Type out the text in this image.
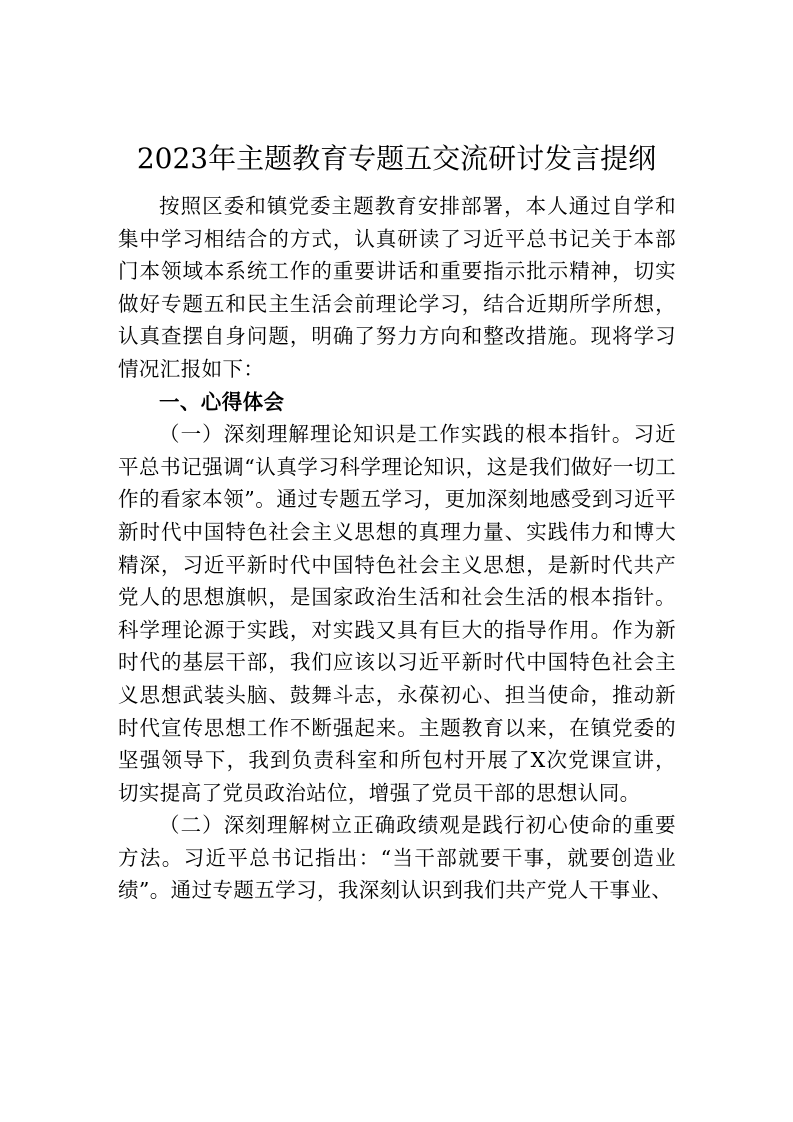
2023年主题教育专题五交流研讨发言提纲

按照区委和镇党委主题教育安排部署，本人通过自学和集中学习相结合的方式，认真研读了习近平总书记关于本部门本领域本系统工作的重要讲话和重要指示批示精神，切实做好专题五和民主生活会前理论学习，结合近期所学所想，认真查摆自身问题，明确了努力方向和整改措施。现将学习情况汇报如下：

一、心得体会

（一）深刻理解理论知识是工作实践的根本指针。习近平总书记强调“认真学习科学理论知识，这是我们做好一切工作的看家本领”。通过专题五学习，更加深刻地感受到习近平新时代中国特色社会主义思想的真理力量、实践伟力和博大精深，习近平新时代中国特色社会主义思想，是新时代共产党人的思想旗帜，是国家政治生活和社会生活的根本指针。科学理论源于实践，对实践又具有巨大的指导作用。作为新时代的基层干部，我们应该以习近平新时代中国特色社会主义思想武装头脑、鼓舞斗志，永葆初心、担当使命，推动新时代宣传思想工作不断强起来。主题教育以来，在镇党委的坚强领导下，我到负责科室和所包村开展了X次党课宣讲，切实提高了党员政治站位，增强了党员干部的思想认同。

（二）深刻理解树立正确政绩观是践行初心使命的重要方法。习近平总书记指出：“当干部就要干事，就要创造业绩”。通过专题五学习，我深刻认识到我们共产党人干事业、
